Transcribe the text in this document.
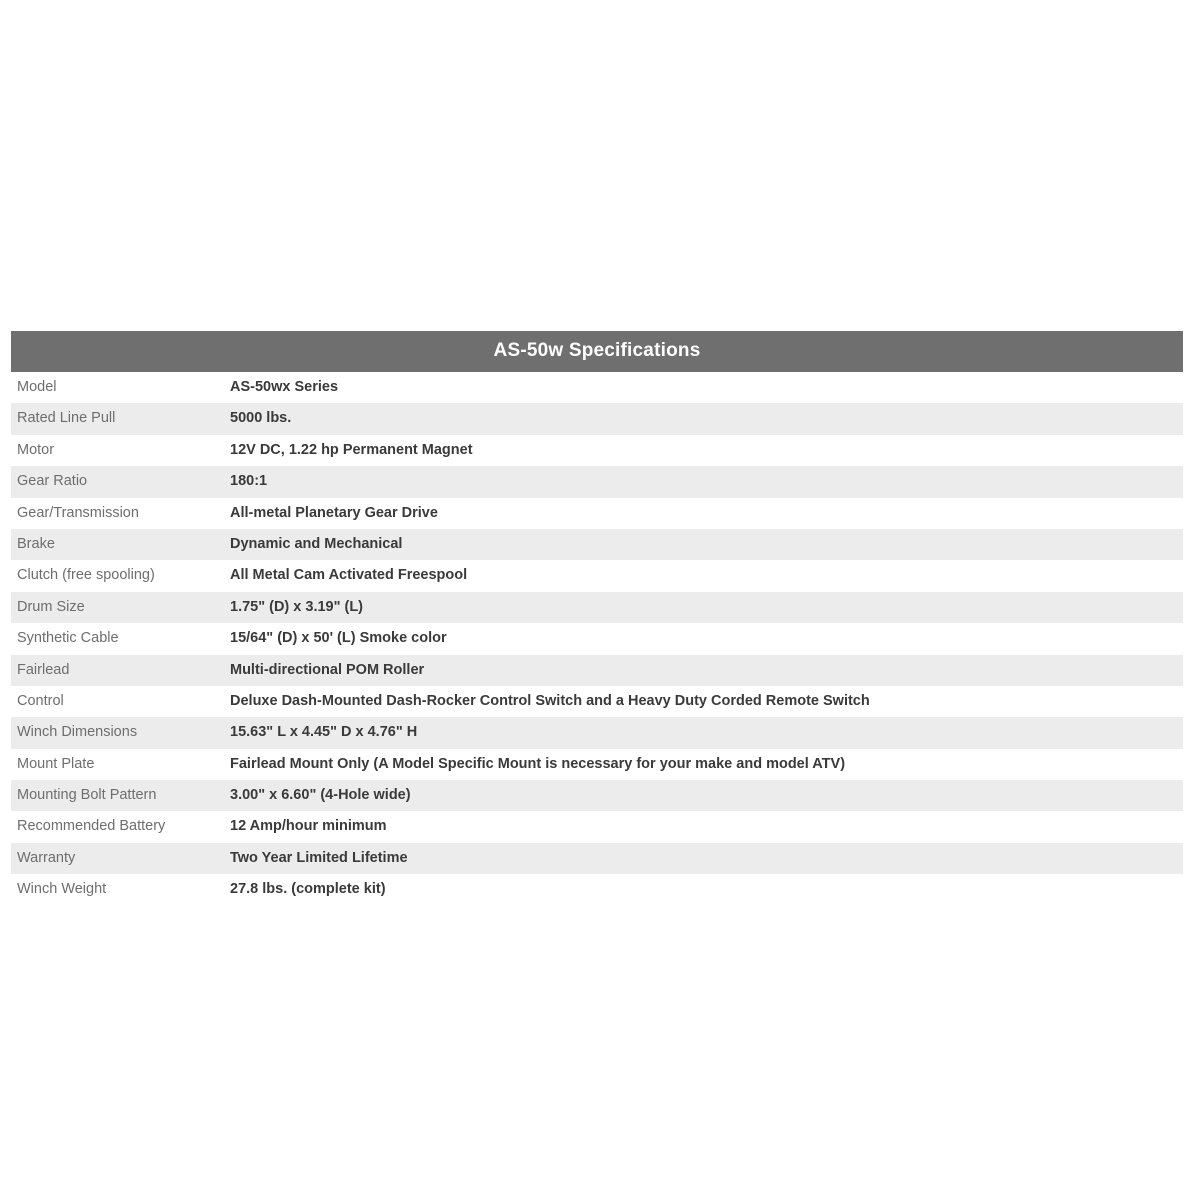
AS-50w Specifications
Model	AS-50wx Series
Rated Line Pull	5000 lbs.
Motor	12V DC, 1.22 hp Permanent Magnet
Gear Ratio	180:1
Gear/Transmission	All-metal Planetary Gear Drive
Brake	Dynamic and Mechanical
Clutch (free spooling)	All Metal Cam Activated Freespool
Drum Size	1.75" (D) x 3.19" (L)
Synthetic Cable	15/64" (D) x 50' (L) Smoke color
Fairlead	Multi-directional POM Roller
Control	Deluxe Dash-Mounted Dash-Rocker Control Switch and a Heavy Duty Corded Remote Switch
Winch Dimensions	15.63" L x 4.45" D x 4.76" H
Mount Plate	Fairlead Mount Only (A Model Specific Mount is necessary for your make and model ATV)
Mounting Bolt Pattern	3.00" x 6.60" (4-Hole wide)
Recommended Battery	12 Amp/hour minimum
Warranty	Two Year Limited Lifetime
Winch Weight	27.8 lbs. (complete kit)
